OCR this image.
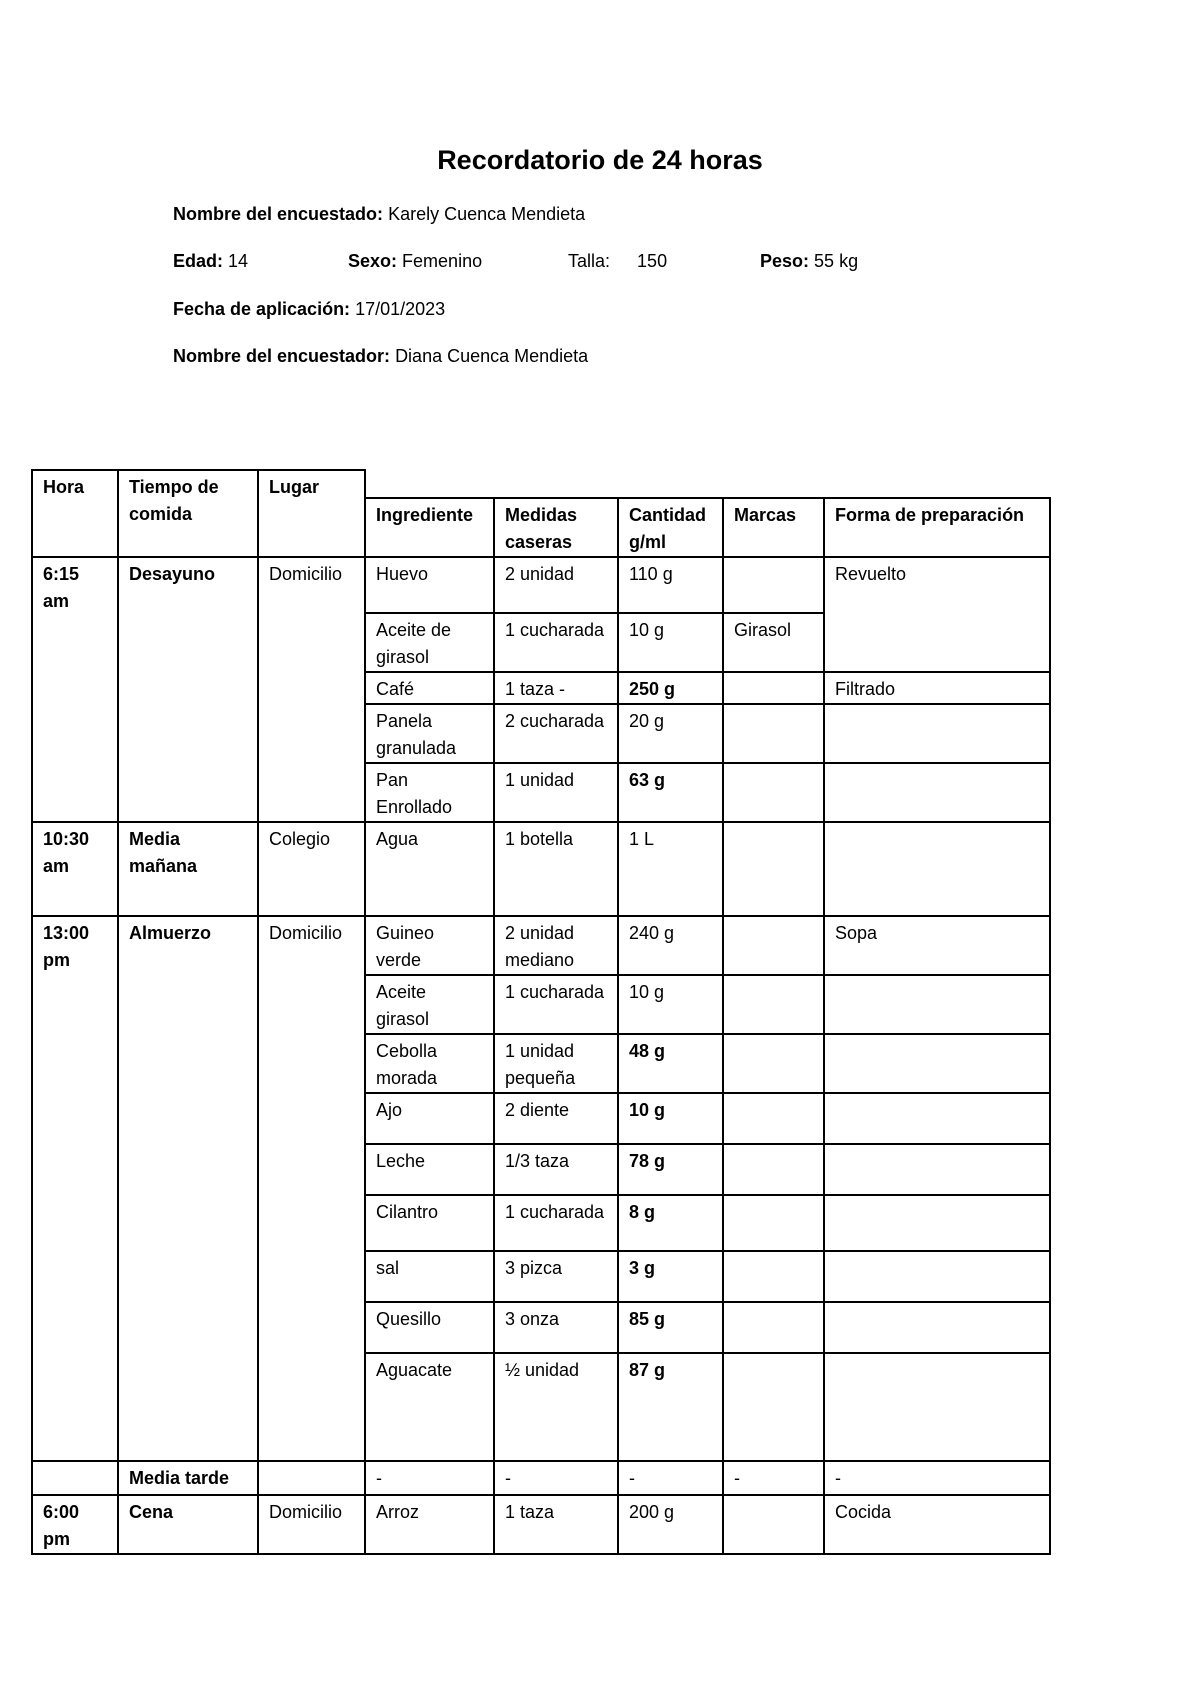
Recordatorio de 24 horas
Nombre del encuestado: Karely Cuenca Mendieta
Edad: 14	Sexo: Femenino	Talla: 150	Peso: 55 kg
Fecha de aplicación: 17/01/2023
Nombre del encuestador: Diana Cuenca Mendieta
Hora	Tiempo de comida	Lugar					
			Ingrediente	Medidas caseras	Cantidad g/ml	Marcas	Forma de preparación
6:15 am	Desayuno	Domicilio	Huevo	2 unidad	110 g		Revuelto
			Aceite de girasol	1 cucharada	10 g	Girasol	
			Café	1 taza -	250 g		Filtrado
			Panela granulada	2 cucharada	20 g		
			Pan Enrollado	1 unidad	63 g		
10:30 am	Media mañana	Colegio	Agua	1 botella	1 L		
13:00 pm	Almuerzo	Domicilio	Guineo verde	2 unidad mediano	240 g		Sopa
			Aceite girasol	1 cucharada	10 g		
			Cebolla morada	1 unidad pequeña	48 g		
			Ajo	2 diente	10 g		
			Leche	1/3 taza	78 g		
			Cilantro	1 cucharada	8 g		
			sal	3 pizca	3 g		
			Quesillo	3 onza	85 g		
			Aguacate	½ unidad	87 g		
	Media tarde		-	-	-	-	-
6:00 pm	Cena	Domicilio	Arroz	1 taza	200 g		Cocida
